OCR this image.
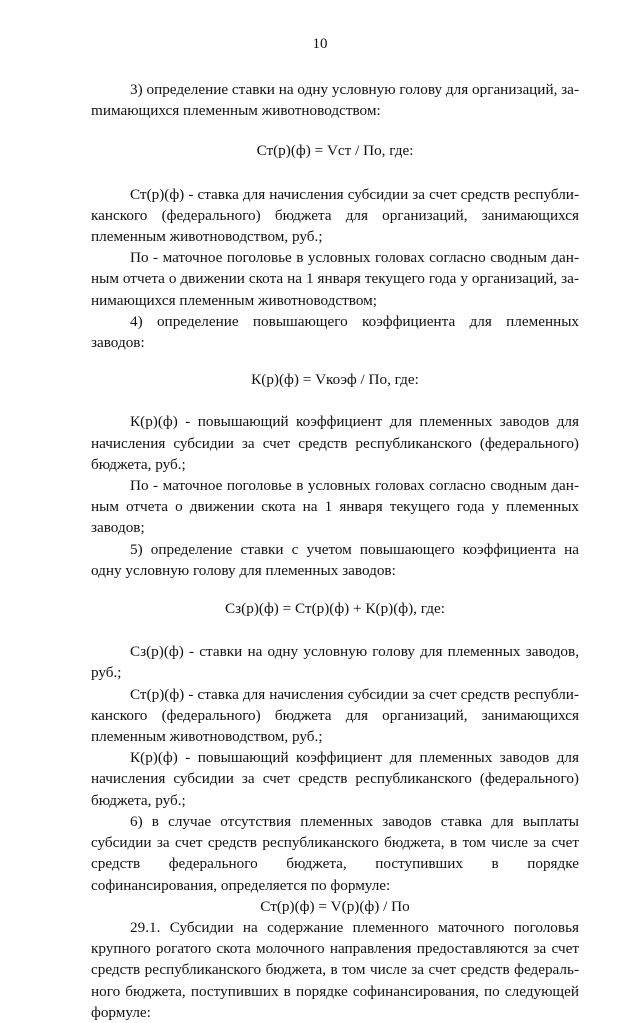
10

3) определение ставки на одну условную голову для организаций, заmимающихся племенным животноводством:

Ст(р)(ф) = Vст / По, где:

Ст(р)(ф) - ставка для начисления субсидии за счет средств республиканского (федерального) бюджета для организаций, занимающихся племенным животноводством, руб.;

По - маточное поголовье в условных головах согласно сводным данным отчета о движении скота на 1 января текущего года у организаций, занимающихся племенным животноводством;

4) определение повышающего коэффициента для племенных заводов:

К(р)(ф) = Vкоэф / По, где:

К(р)(ф) - повышающий коэффициент для племенных заводов для начисления субсидии за счет средств республиканского (федерального) бюджета, руб.;

По - маточное поголовье в условных головах согласно сводным данным отчета о движении скота на 1 января текущего года у племенных заводов;

5) определение ставки с учетом повышающего коэффициента на одну условную голову для племенных заводов:

Сз(р)(ф) = Ст(р)(ф) + К(р)(ф), где:

Сз(р)(ф) - ставки на одну условную голову для племенных заводов, руб.;

Ст(р)(ф) - ставка для начисления субсидии за счет средств республиканского (федерального) бюджета для организаций, занимающихся племенным животноводством, руб.;

К(р)(ф) - повышающий коэффициент для племенных заводов для начисления субсидии за счет средств республиканского (федерального) бюджета, руб.;

6) в случае отсутствия племенных заводов ставка для выплаты субсидии за счет средств республиканского бюджета, в том числе за счет средств федерального бюджета, поступивших в порядке софинансирования, определяется по формуле:

Ст(р)(ф) = V(р)(ф) / По

29.1. Субсидии на содержание племенного маточного поголовья крупного рогатого скота молочного направления предоставляются за счет средств республиканского бюджета, в том числе за счет средств федерального бюджета, поступивших в порядке софинансирования, по следующей формуле:
